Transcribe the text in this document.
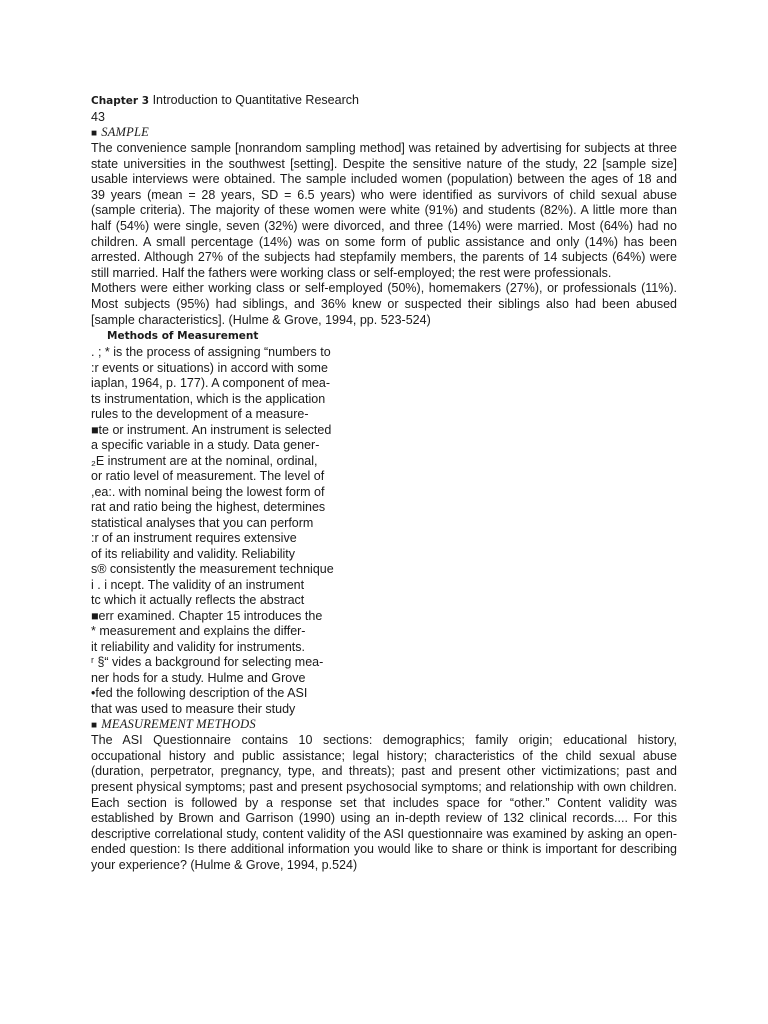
Chapter 3 Introduction to Quantitative Research
43
■ SAMPLE

The convenience sample [nonrandom sampling method] was retained by advertising for subjects at three state universities in the southwest [setting]. Despite the sensitive nature of the study, 22 [sample size] usable interviews were obtained. The sample included women (population) between the ages of 18 and 39 years (mean = 28 years, SD = 6.5 years) who were identified as survivors of child sexual abuse (sample criteria). The majority of these women were white (91%) and students (82%). A little more than half (54%) were single, seven (32%) were divorced, and three (14%) were married. Most (64%) had no children. A small percentage (14%) was on some form of public assistance and only (14%) has been arrested. Although 27% of the subjects had stepfamily members, the parents of 14 subjects (64%) were still married. Half the fathers were working class or self-employed; the rest were professionals.

Mothers were either working class or self-employed (50%), homemakers (27%), or professionals (11%). Most subjects (95%) had siblings, and 36% knew or suspected their siblings also had been abused [sample characteristics]. (Hulme & Grove, 1994, pp. 523-524)

Methods of Measurement
. ; * is the process of assigning “numbers to
:r events or situations) in accord with some
iaplan, 1964, p. 177). A component of mea-
ts instrumentation, which is the application
rules to the development of a measure-
■te or instrument. An instrument is selected
a specific variable in a study. Data gener-
₂E instrument are at the nominal, ordinal,
or ratio level of measurement. The level of
,ea:. with nominal being the lowest form of
rat and ratio being the highest, determines
statistical analyses that you can perform
:r of an instrument requires extensive
of its reliability and validity. Reliability
s® consistently the measurement technique
i . i ncept. The validity of an instrument
tc which it actually reflects the abstract
■err examined. Chapter 15 introduces the
* measurement and explains the differ-
it reliability and validity for instruments.
ʳ §“ vides a background for selecting mea-
ner hods for a study. Hulme and Grove
•fed the following description of the ASI
that was used to measure their study
■ MEASUREMENT METHODS

The ASI Questionnaire contains 10 sections: demographics; family origin; educational history, occupational history and public assistance; legal history; characteristics of the child sexual abuse (duration, perpetrator, pregnancy, type, and threats); past and present other victimizations; past and present physical symptoms; past and present psychosocial symptoms; and relationship with own children. Each section is followed by a response set that includes space for “other.” Content validity was established by Brown and Garrison (1990) using an in-depth review of 132 clinical records.... For this descriptive correlational study, content validity of the ASI questionnaire was examined by asking an open-ended question: Is there additional information you would like to share or think is important for describing your experience? (Hulme & Grove, 1994, p.524)
